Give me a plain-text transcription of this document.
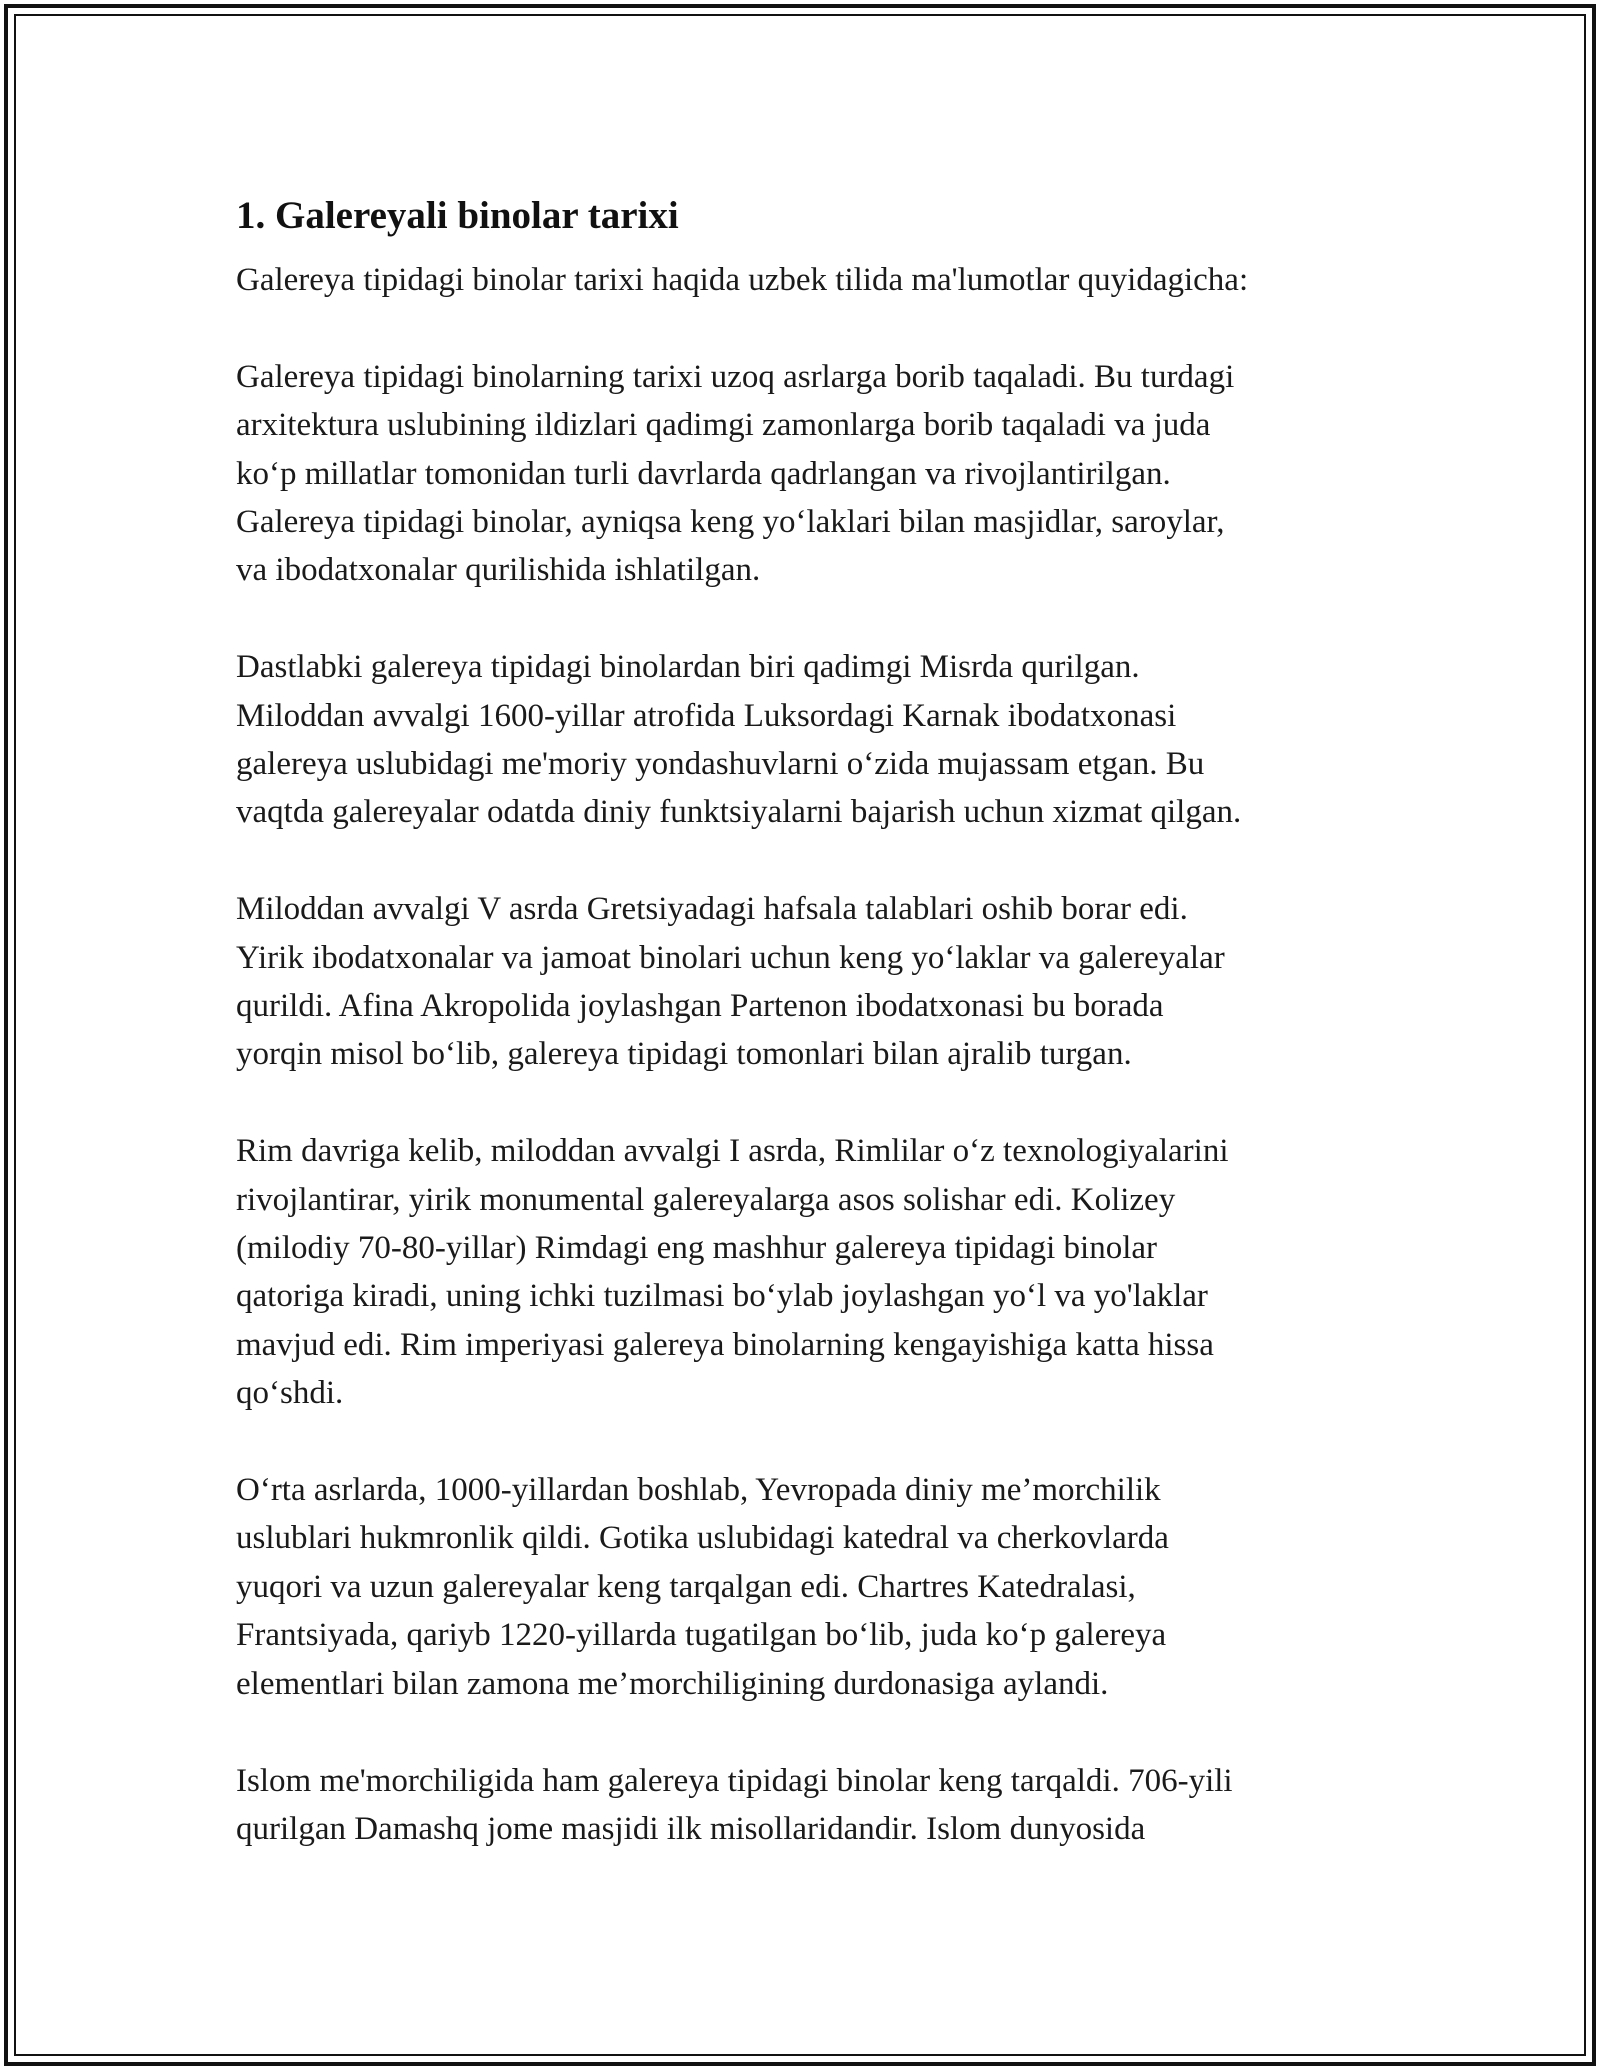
1. Galereyali binolar tarixi

Galereya tipidagi binolar tarixi haqida uzbek tilida ma'lumotlar quyidagicha:

Galereya tipidagi binolarning tarixi uzoq asrlarga borib taqaladi. Bu turdagi
arxitektura uslubining ildizlari qadimgi zamonlarga borib taqaladi va juda
ko‘p millatlar tomonidan turli davrlarda qadrlangan va rivojlantirilgan.
Galereya tipidagi binolar, ayniqsa keng yo‘laklari bilan masjidlar, saroylar,
va ibodatxonalar qurilishida ishlatilgan.

Dastlabki galereya tipidagi binolardan biri qadimgi Misrda qurilgan.
Miloddan avvalgi 1600-yillar atrofida Luksordagi Karnak ibodatxonasi
galereya uslubidagi me'moriy yondashuvlarni o‘zida mujassam etgan. Bu
vaqtda galereyalar odatda diniy funktsiyalarni bajarish uchun xizmat qilgan.

Miloddan avvalgi V asrda Gretsiyadagi hafsala talablari oshib borar edi.
Yirik ibodatxonalar va jamoat binolari uchun keng yo‘laklar va galereyalar
qurildi. Afina Akropolida joylashgan Partenon ibodatxonasi bu borada
yorqin misol bo‘lib, galereya tipidagi tomonlari bilan ajralib turgan.

Rim davriga kelib, miloddan avvalgi I asrda, Rimlilar o‘z texnologiyalarini
rivojlantirar, yirik monumental galereyalarga asos solishar edi. Kolizey
(milodiy 70-80-yillar) Rimdagi eng mashhur galereya tipidagi binolar
qatoriga kiradi, uning ichki tuzilmasi bo‘ylab joylashgan yo‘l va yo'laklar
mavjud edi. Rim imperiyasi galereya binolarning kengayishiga katta hissa
qo‘shdi.

O‘rta asrlarda, 1000-yillardan boshlab, Yevropada diniy me’morchilik
uslublari hukmronlik qildi. Gotika uslubidagi katedral va cherkovlarda
yuqori va uzun galereyalar keng tarqalgan edi. Chartres Katedralasi,
Frantsiyada, qariyb 1220-yillarda tugatilgan bo‘lib, juda ko‘p galereya
elementlari bilan zamona me’morchiligining durdonasiga aylandi.

Islom me'morchiligida ham galereya tipidagi binolar keng tarqaldi. 706-yili
qurilgan Damashq jome masjidi ilk misollaridandir. Islom dunyosida
